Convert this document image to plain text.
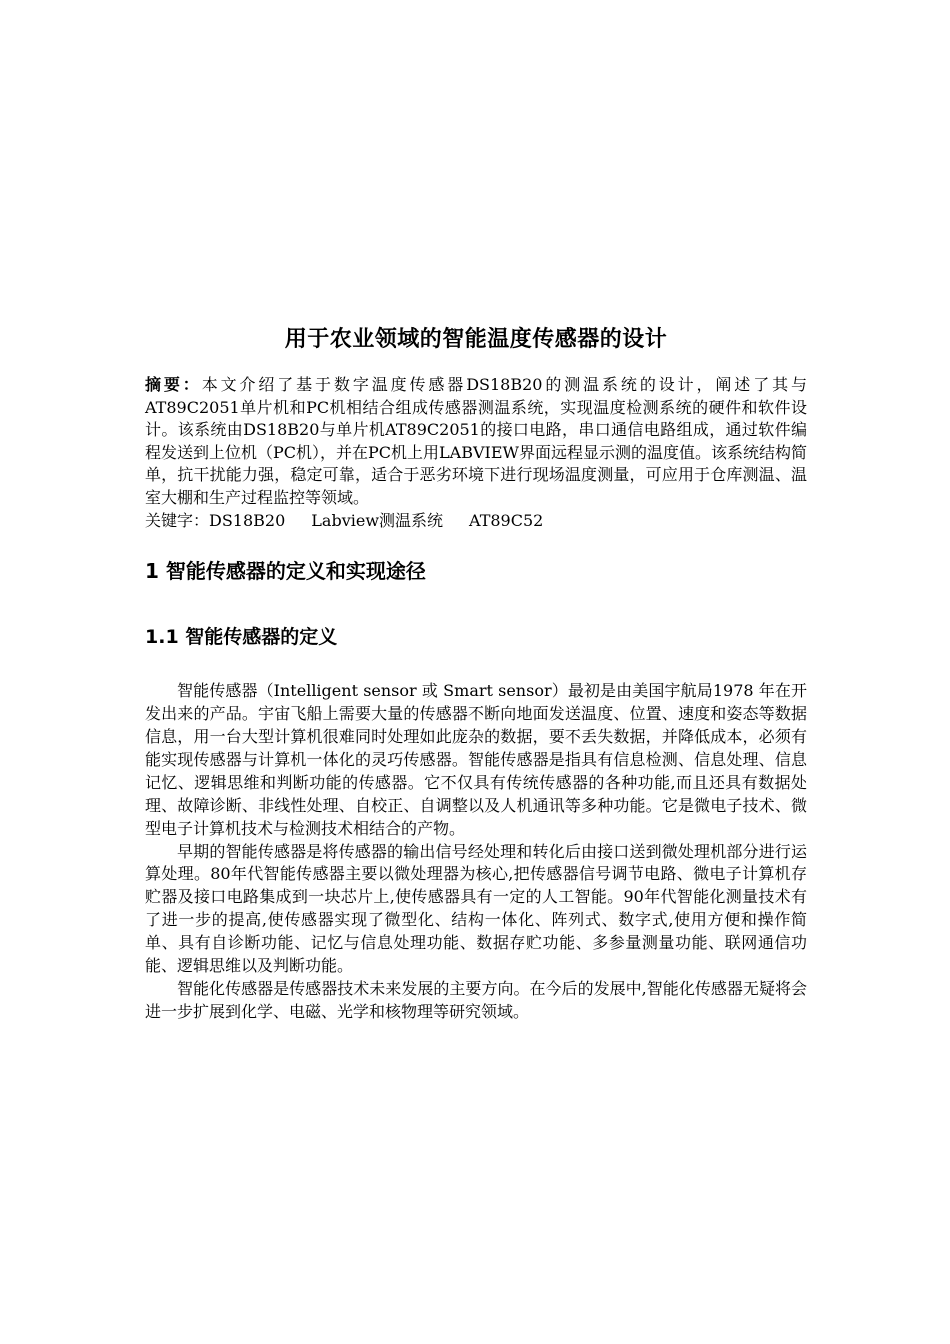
用于农业领域的智能温度传感器的设计

摘要：本文介绍了基于数字温度传感器DS18B20的测温系统的设计，阐述了其与AT89C2051单片机和PC机相结合组成传感器测温系统，实现温度检测系统的硬件和软件设计。该系统由DS18B20与单片机AT89C2051的接口电路，串口通信电路组成，通过软件编程发送到上位机（PC机），并在PC机上用LABVIEW界面远程显示测的温度值。该系统结构简单，抗干扰能力强，稳定可靠，适合于恶劣环境下进行现场温度测量，可应用于仓库测温、温室大棚和生产过程监控等领域。

关键字：DS18B20 Labview测温系统 AT89C52

1 智能传感器的定义和实现途径
1.1 智能传感器的定义

智能传感器（Intelligent sensor 或 Smart sensor）最初是由美国宇航局1978 年在开发出来的产品。宇宙飞船上需要大量的传感器不断向地面发送温度、位置、速度和姿态等数据信息，用一台大型计算机很难同时处理如此庞杂的数据，要不丢失数据，并降低成本，必须有能实现传感器与计算机一体化的灵巧传感器。智能传感器是指具有信息检测、信息处理、信息记忆、逻辑思维和判断功能的传感器。它不仅具有传统传感器的各种功能,而且还具有数据处理、故障诊断、非线性处理、自校正、自调整以及人机通讯等多种功能。它是微电子技术、微型电子计算机技术与检测技术相结合的产物。

早期的智能传感器是将传感器的输出信号经处理和转化后由接口送到微处理机部分进行运算处理。80年代智能传感器主要以微处理器为核心,把传感器信号调节电路、微电子计算机存贮器及接口电路集成到一块芯片上,使传感器具有一定的人工智能。90年代智能化测量技术有了进一步的提高,使传感器实现了微型化、结构一体化、阵列式、数字式,使用方便和操作简单、具有自诊断功能、记忆与信息处理功能、数据存贮功能、多参量测量功能、联网通信功能、逻辑思维以及判断功能。

智能化传感器是传感器技术未来发展的主要方向。在今后的发展中,智能化传感器无疑将会进一步扩展到化学、电磁、光学和核物理等研究领域。
